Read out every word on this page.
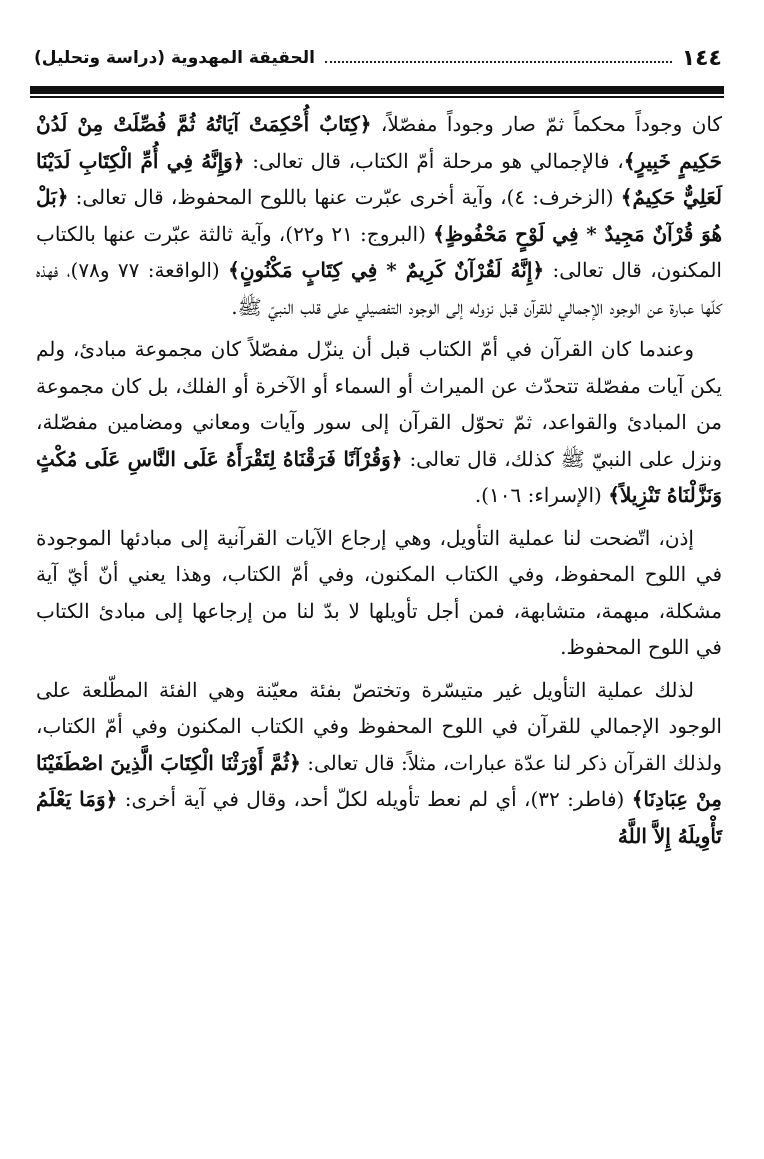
١٤٤
الحقيقة المهدوية (دراسة وتحليل)

كان وجوداً محكماً ثمّ صار وجوداً مفصّلاً، ﴿كِتَابٌ أُحْكِمَتْ آيَاتُهُ ثُمَّ فُصِّلَتْ مِنْ لَدُنْ حَكِيمٍ خَبِيرٍ﴾، فالإجمالي هو مرحلة أمّ الكتاب، قال تعالى: ﴿وَإِنَّهُ فِي أُمِّ الْكِتَابِ لَدَيْنَا لَعَلِيٌّ حَكِيمٌ﴾ (الزخرف: ٤)، وآية أخرى عبّرت عنها باللوح المحفوظ، قال تعالى: ﴿بَلْ هُوَ قُرْآنٌ مَجِيدٌ * فِي لَوْحٍ مَحْفُوظٍ﴾ (البروج: ٢١ و٢٢)، وآية ثالثة عبّرت عنها بالكتاب المكنون، قال تعالى: ﴿إِنَّهُ لَقُرْآنٌ كَرِيمٌ * فِي كِتَابٍ مَكْنُونٍ﴾ (الواقعة: ٧٧ و٧٨)، فهذه كلّها عبارة عن الوجود الإجمالي للقرآن قبل نزوله إلى الوجود التفصيلي على قلب النبيّ ﷺ.

وعندما كان القرآن في أمّ الكتاب قبل أن ينزّل مفصّلاً كان مجموعة مبادئ، ولم يكن آيات مفصّلة تتحدّث عن الميراث أو السماء أو الآخرة أو الفلك، بل كان مجموعة من المبادئ والقواعد، ثمّ تحوّل القرآن إلى سور وآيات ومعاني ومضامين مفصّلة، ونزل على النبيّ ﷺ كذلك، قال تعالى: ﴿وَقُرْآنًا فَرَقْنَاهُ لِتَقْرَأَهُ عَلَى النَّاسِ عَلَى مُكْثٍ وَنَزَّلْنَاهُ تَنْزِيلاً﴾ (الإسراء: ١٠٦).

إذن، اتّضحت لنا عملية التأويل، وهي إرجاع الآيات القرآنية إلى مبادئها الموجودة في اللوح المحفوظ، وفي الكتاب المكنون، وفي أمّ الكتاب، وهذا يعني أنّ أيّ آية مشكلة، مبهمة، متشابهة، فمن أجل تأويلها لا بدّ لنا من إرجاعها إلى مبادئ الكتاب في اللوح المحفوظ.

لذلك عملية التأويل غير متيسّرة وتختصّ بفئة معيّنة وهي الفئة المطّلعة على الوجود الإجمالي للقرآن في اللوح المحفوظ وفي الكتاب المكنون وفي أمّ الكتاب، ولذلك القرآن ذكر لنا عدّة عبارات، مثلاً: قال تعالى: ﴿ثُمَّ أَوْرَثْنَا الْكِتَابَ الَّذِينَ اصْطَفَيْنَا مِنْ عِبَادِنَا﴾ (فاطر: ٣٢)، أي لم نعط تأويله لكلّ أحد، وقال في آية أخرى: ﴿وَمَا يَعْلَمُ تَأْوِيلَهُ إِلاَّ اللَّهُ
